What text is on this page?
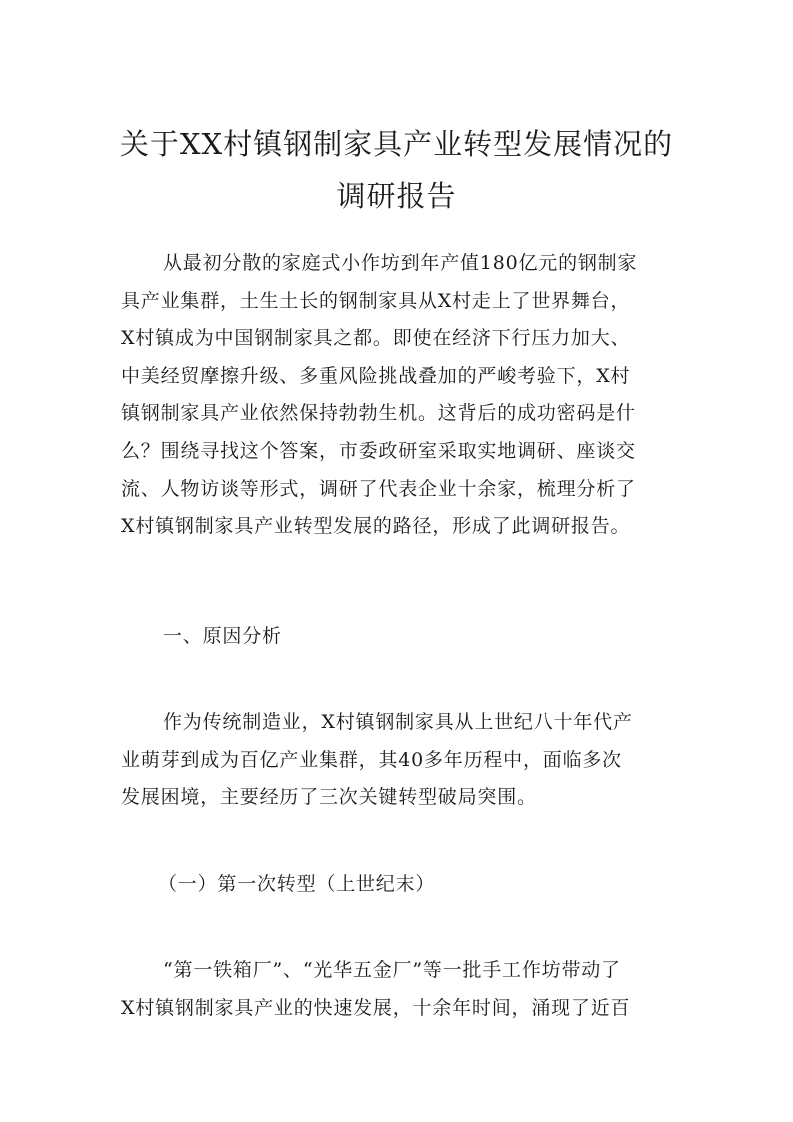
关于XX村镇钢制家具产业转型发展情况的
调研报告

从最初分散的家庭式小作坊到年产值180亿元的钢制家
具产业集群，土生土长的钢制家具从X村走上了世界舞台，
X村镇成为中国钢制家具之都。即使在经济下行压力加大、
中美经贸摩擦升级、多重风险挑战叠加的严峻考验下，X村
镇钢制家具产业依然保持勃勃生机。这背后的成功密码是什
么？围绕寻找这个答案，市委政研室采取实地调研、座谈交
流、人物访谈等形式，调研了代表企业十余家，梳理分析了
X村镇钢制家具产业转型发展的路径，形成了此调研报告。

一、原因分析

作为传统制造业，X村镇钢制家具从上世纪八十年代产
业萌芽到成为百亿产业集群，其40多年历程中，面临多次
发展困境，主要经历了三次关键转型破局突围。

（一）第一次转型（上世纪末）

“第一铁箱厂”、“光华五金厂”等一批手工作坊带动了
X村镇钢制家具产业的快速发展，十余年时间，涌现了近百
